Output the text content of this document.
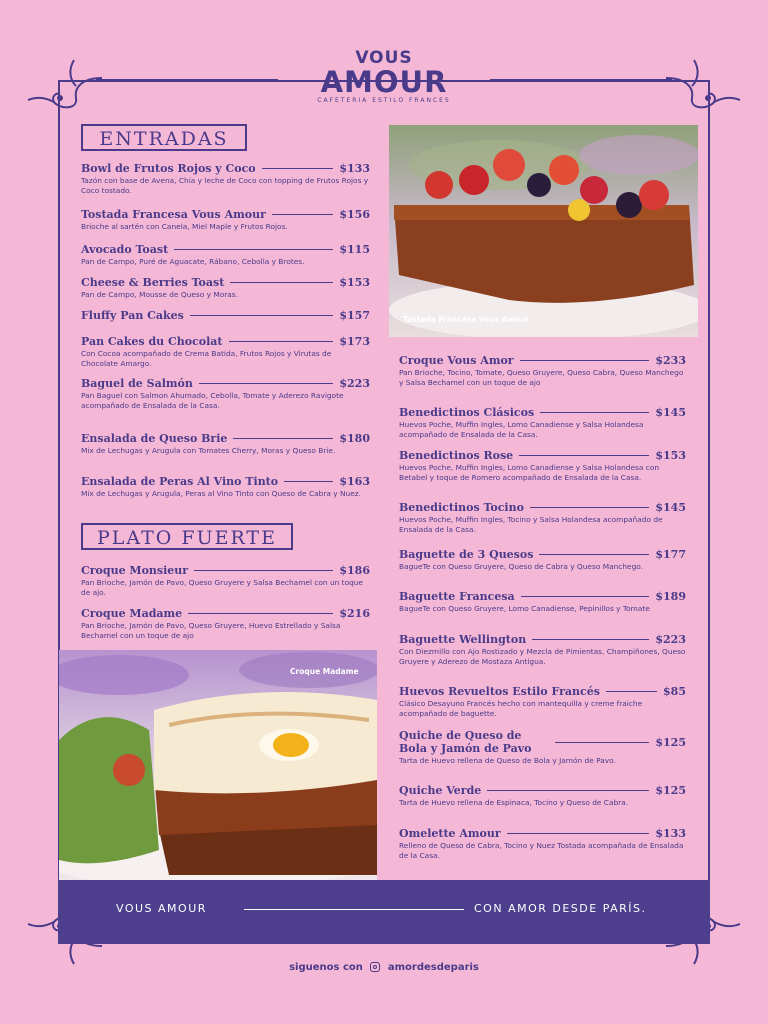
VOUS
AMOUR
CAFETERIA ESTILO FRANCES
ENTRADAS
PLATO FUERTE
Bowl de Frutos Rojos y Coco	$133
Tazón con base de Avena, Chía y leche de Coco con topping de Frutos Rojos y Coco tostado.
Tostada Francesa Vous Amour	$156
Brioche al sartén con Canela, Miel Maple y Frutos Rojos.
Avocado Toast	$115
Pan de Campo, Puré de Aguacate, Rábano, Cebolla y Brotes.
Cheese & Berries Toast	$153
Pan de Campo, Mousse de Queso y Moras.
Fluffy Pan Cakes	$157
Pan Cakes du Chocolat	$173
Con Cocoa acompañado de Crema Batida, Frutos Rojos y Virutas de Chocolate Amargo.
Baguel de Salmón	$223
Pan Baguel con Salmon Ahumado, Cebolla, Tomate y Aderezo Ravigote acompañado de Ensalada de la Casa.
Ensalada de Queso Brie	$180
Mix de Lechugas y Arugula con Tomates Cherry, Moras y Queso Brie.
Ensalada de Peras Al Vino Tinto	$163
Mix de Lechugas y Arugula, Peras al Vino Tinto con Queso de Cabra y Nuez.
Croque Monsieur	$186
Pan Brioche, Jamón de Pavo, Queso Gruyere y Salsa Bechamel con un toque de ajo.
Croque Madame	$216
Pan Brioche, Jamón de Pavo, Queso Gruyere, Huevo Estrellado y Salsa Bechamel con un toque de ajo
Croque Vous Amor	$233
Pan Brioche, Tocino, Tomate, Queso Gruyere, Queso Cabra, Queso Manchego y Salsa Bechamel con un toque de ajo
Benedictinos Clásicos	$145
Huevos Poche, Muffin Ingles, Lomo Canadiense y Salsa Holandesa acompañado de Ensalada de la Casa.
Benedictinos Rose	$153
Huevos Poche, Muffin Ingles, Lomo Canadiense y Salsa Holandesa con Betabel y toque de Romero acompañado de Ensalada de la Casa.
Benedictinos Tocino	$145
Huevos Poche, Muffin Ingles, Tocino y Salsa Holandesa acompañado de Ensalada de la Casa.
Baguette de 3 Quesos	$177
BagueTe con Queso Gruyere, Queso de Cabra y Queso Manchego.
Baguette Francesa	$189
BagueTe con Queso Gruyere, Lomo Canadiense, Pepinillos y Tomate
Baguette Wellington	$223
Con Diezmillo con Ajo Rostizado y Mezcla de Pimientas, Champiñones, Queso Gruyere y Aderezo de Mostaza Antigua.
Huevos Revueltos Estilo Francés	$85
Clásico Desayuno Francés hecho con mantequilla y creme fraiche acompañado de baguette.
Quiche de Queso de Bola y Jamón de Pavo	$125
Tarta de Huevo rellena de Queso de Bola y Jamón de Pavo.
Quiche Verde	$125
Tarta de Huevo rellena de Espinaca, Tocino y Queso de Cabra.
Omelette Amour	$133
Relleno de Queso de Cabra, Tocino y Nuez Tostada acompañada de Ensalada de la Casa.
Tostada Francesa Vous Amour
Croque Madame
VOUS AMOUR	CON AMOR DESDE PARÍS.
siguenos con amordesdeparis
